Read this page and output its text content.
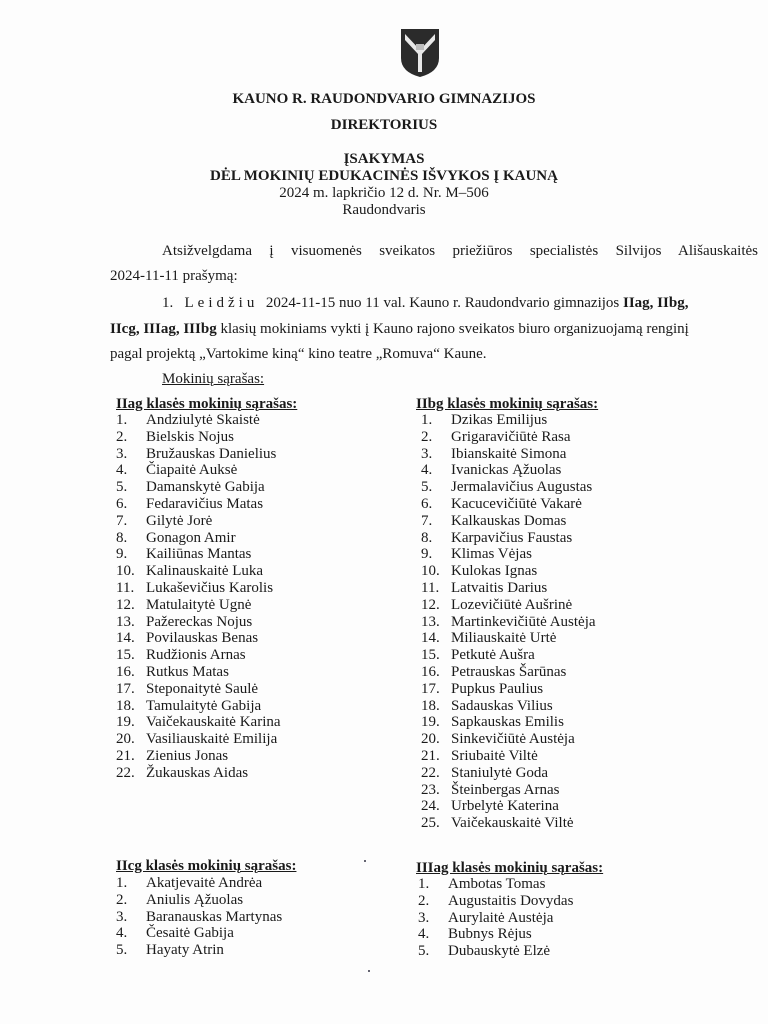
KAUNO R. RAUDONDVARIO GIMNAZIJOS
DIREKTORIUS
ĮSAKYMAS
DĖL MOKINIŲ EDUKACINĖS IŠVYKOS Į KAUNĄ
2024 m. lapkričio 12 d. Nr. M–506
Raudondvaris
Atsižvelgdama į visuomenės sveikatos priežiūros specialistės Silvijos Ališauskaitės
2024-11-11 prašymą:
1. Leidžiu 2024-11-15 nuo 11 val. Kauno r. Raudondvario gimnazijos IIag, IIbg,
IIcg, IIIag, IIIbg klasių mokiniams vykti į Kauno rajono sveikatos biuro organizuojamą renginį
pagal projektą „Vartokime kiną“ kino teatre „Romuva“ Kaune.
Mokinių sąrašas:
IIag klasės mokinių sąrašas:
1. Andziulytė Skaistė
2. Bielskis Nojus
3. Bružauskas Danielius
4. Čiapaitė Auksė
5. Damanskytė Gabija
6. Fedaravičius Matas
7. Gilytė Jorė
8. Gonagon Amir
9. Kailiūnas Mantas
10. Kalinauskaitė Luka
11. Lukaševičius Karolis
12. Matulaitytė Ugnė
13. Pažereckas Nojus
14. Povilauskas Benas
15. Rudžionis Arnas
16. Rutkus Matas
17. Steponaitytė Saulė
18. Tamulaitytė Gabija
19. Vaičekauskaitė Karina
20. Vasiliauskaitė Emilija
21. Zienius Jonas
22. Žukauskas Aidas
IIbg klasės mokinių sąrašas:
1. Dzikas Emilijus
2. Grigaravičiūtė Rasa
3. Ibianskaitė Simona
4. Ivanickas Ąžuolas
5. Jermalavičius Augustas
6. Kacucevičiūtė Vakarė
7. Kalkauskas Domas
8. Karpavičius Faustas
9. Klimas Vėjas
10. Kulokas Ignas
11. Latvaitis Darius
12. Lozevičiūtė Aušrinė
13. Martinkevičiūtė Austėja
14. Miliauskaitė Urtė
15. Petkutė Aušra
16. Petrauskas Šarūnas
17. Pupkus Paulius
18. Sadauskas Vilius
19. Sapkauskas Emilis
20. Sinkevičiūtė Austėja
21. Sriubaitė Viltė
22. Staniulytė Goda
23. Šteinbergas Arnas
24. Urbelytė Katerina
25. Vaičekauskaitė Viltė
IIcg klasės mokinių sąrašas:
1. Akatjevaitė Andrėa
2. Aniulis Ąžuolas
3. Baranauskas Martynas
4. Česaitė Gabija
5. Hayaty Atrin
IIIag klasės mokinių sąrašas:
1. Ambotas Tomas
2. Augustaitis Dovydas
3. Aurylaitė Austėja
4. Bubnys Rėjus
5. Dubauskytė Elzė
